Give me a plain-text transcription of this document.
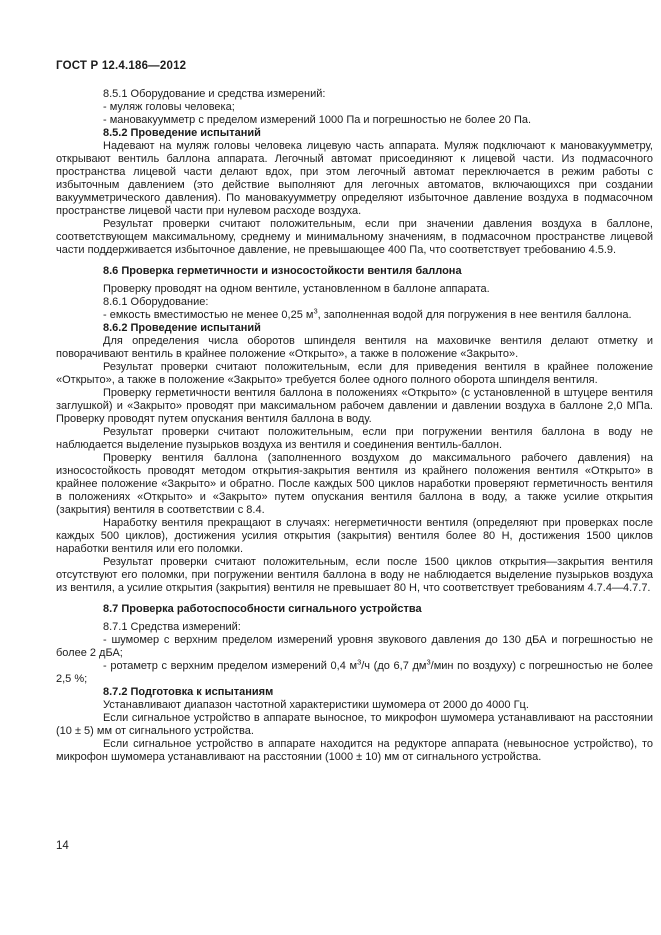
ГОСТ Р 12.4.186—2012

8.5.1 Оборудование и средства измерений:

- муляж головы человека;

- мановакуумметр с пределом измерений 1000 Па и погрешностью не более 20 Па.

8.5.2 Проведение испытаний

Надевают на муляж головы человека лицевую часть аппарата. Муляж подключают к мановакуумметру, открывают вентиль баллона аппарата. Легочный автомат присоединяют к лицевой части. Из подмасочного пространства лицевой части делают вдох, при этом легочный автомат переключается в режим работы с избыточным давлением (это действие выполняют для легочных автоматов, включающихся при создании вакуумметрического давления). По мановакуумметру определяют избыточное давление воздуха в подмасочном пространстве лицевой части при нулевом расходе воздуха.

Результат проверки считают положительным, если при значении давления воздуха в баллоне, соответствующем максимальному, среднему и минимальному значениям, в подмасочном пространстве лицевой части поддерживается избыточное давление, не превышающее 400 Па, что соответствует требованию 4.5.9.

8.6 Проверка герметичности и износостойкости вентиля баллона

Проверку проводят на одном вентиле, установленном в баллоне аппарата.

8.6.1 Оборудование:

- емкость вместимостью не менее 0,25 $м^3$, заполненная водой для погружения в нее вентиля баллона.

8.6.2 Проведение испытаний

Для определения числа оборотов шпинделя вентиля на маховичке вентиля делают отметку и поворачивают вентиль в крайнее положение «Открыто», а также в положение «Закрыто».

Результат проверки считают положительным, если для приведения вентиля в крайнее положение «Открыто», а также в положение «Закрыто» требуется более одного полного оборота шпинделя вентиля.

Проверку герметичности вентиля баллона в положениях «Открыто» (с установленной в штуцере вентиля заглушкой) и «Закрыто» проводят при максимальном рабочем давлении и давлении воздуха в баллоне 2,0 МПа. Проверку проводят путем опускания вентиля баллона в воду.

Результат проверки считают положительным, если при погружении вентиля баллона в воду не наблюдается выделение пузырьков воздуха из вентиля и соединения вентиль-баллон.

Проверку вентиля баллона (заполненного воздухом до максимального рабочего давления) на износостойкость проводят методом открытия-закрытия вентиля из крайнего положения вентиля «Открыто» в крайнее положение «Закрыто» и обратно. После каждых 500 циклов наработки проверяют герметичность вентиля в положениях «Открыто» и «Закрыто» путем опускания вентиля баллона в воду, а также усилие открытия (закрытия) вентиля в соответствии с 8.4.

Наработку вентиля прекращают в случаях: негерметичности вентиля (определяют при проверках после каждых 500 циклов), достижения усилия открытия (закрытия) вентиля более 80 Н, достижения 1500 циклов наработки вентиля или его поломки.

Результат проверки считают положительным, если после 1500 циклов открытия—закрытия вентиля отсутствуют его поломки, при погружении вентиля баллона в воду не наблюдается выделение пузырьков воздуха из вентиля, а усилие открытия (закрытия) вентиля не превышает 80 Н, что соответствует требованиям 4.7.4—4.7.7.

8.7 Проверка работоспособности сигнального устройства

8.7.1 Средства измерений:

- шумомер с верхним пределом измерений уровня звукового давления до 130 дБА и погрешностью не более 2 дБА;

- ротаметр с верхним пределом измерений 0,4 $м^3/ч$ (до 6,7 $дм^3$/мин по воздуху) с погрешностью не более 2,5 %;

8.7.2 Подготовка к испытаниям

Устанавливают диапазон частотной характеристики шумомера от 2000 до 4000 Гц.

Если сигнальное устройство в аппарате выносное, то микрофон шумомера устанавливают на расстоянии (10 ± 5) мм от сигнального устройства.

Если сигнальное устройство в аппарате находится на редукторе аппарата (невыносное устройство), то микрофон шумомера устанавливают на расстоянии (1000 ± 10) мм от сигнального устройства.

14
